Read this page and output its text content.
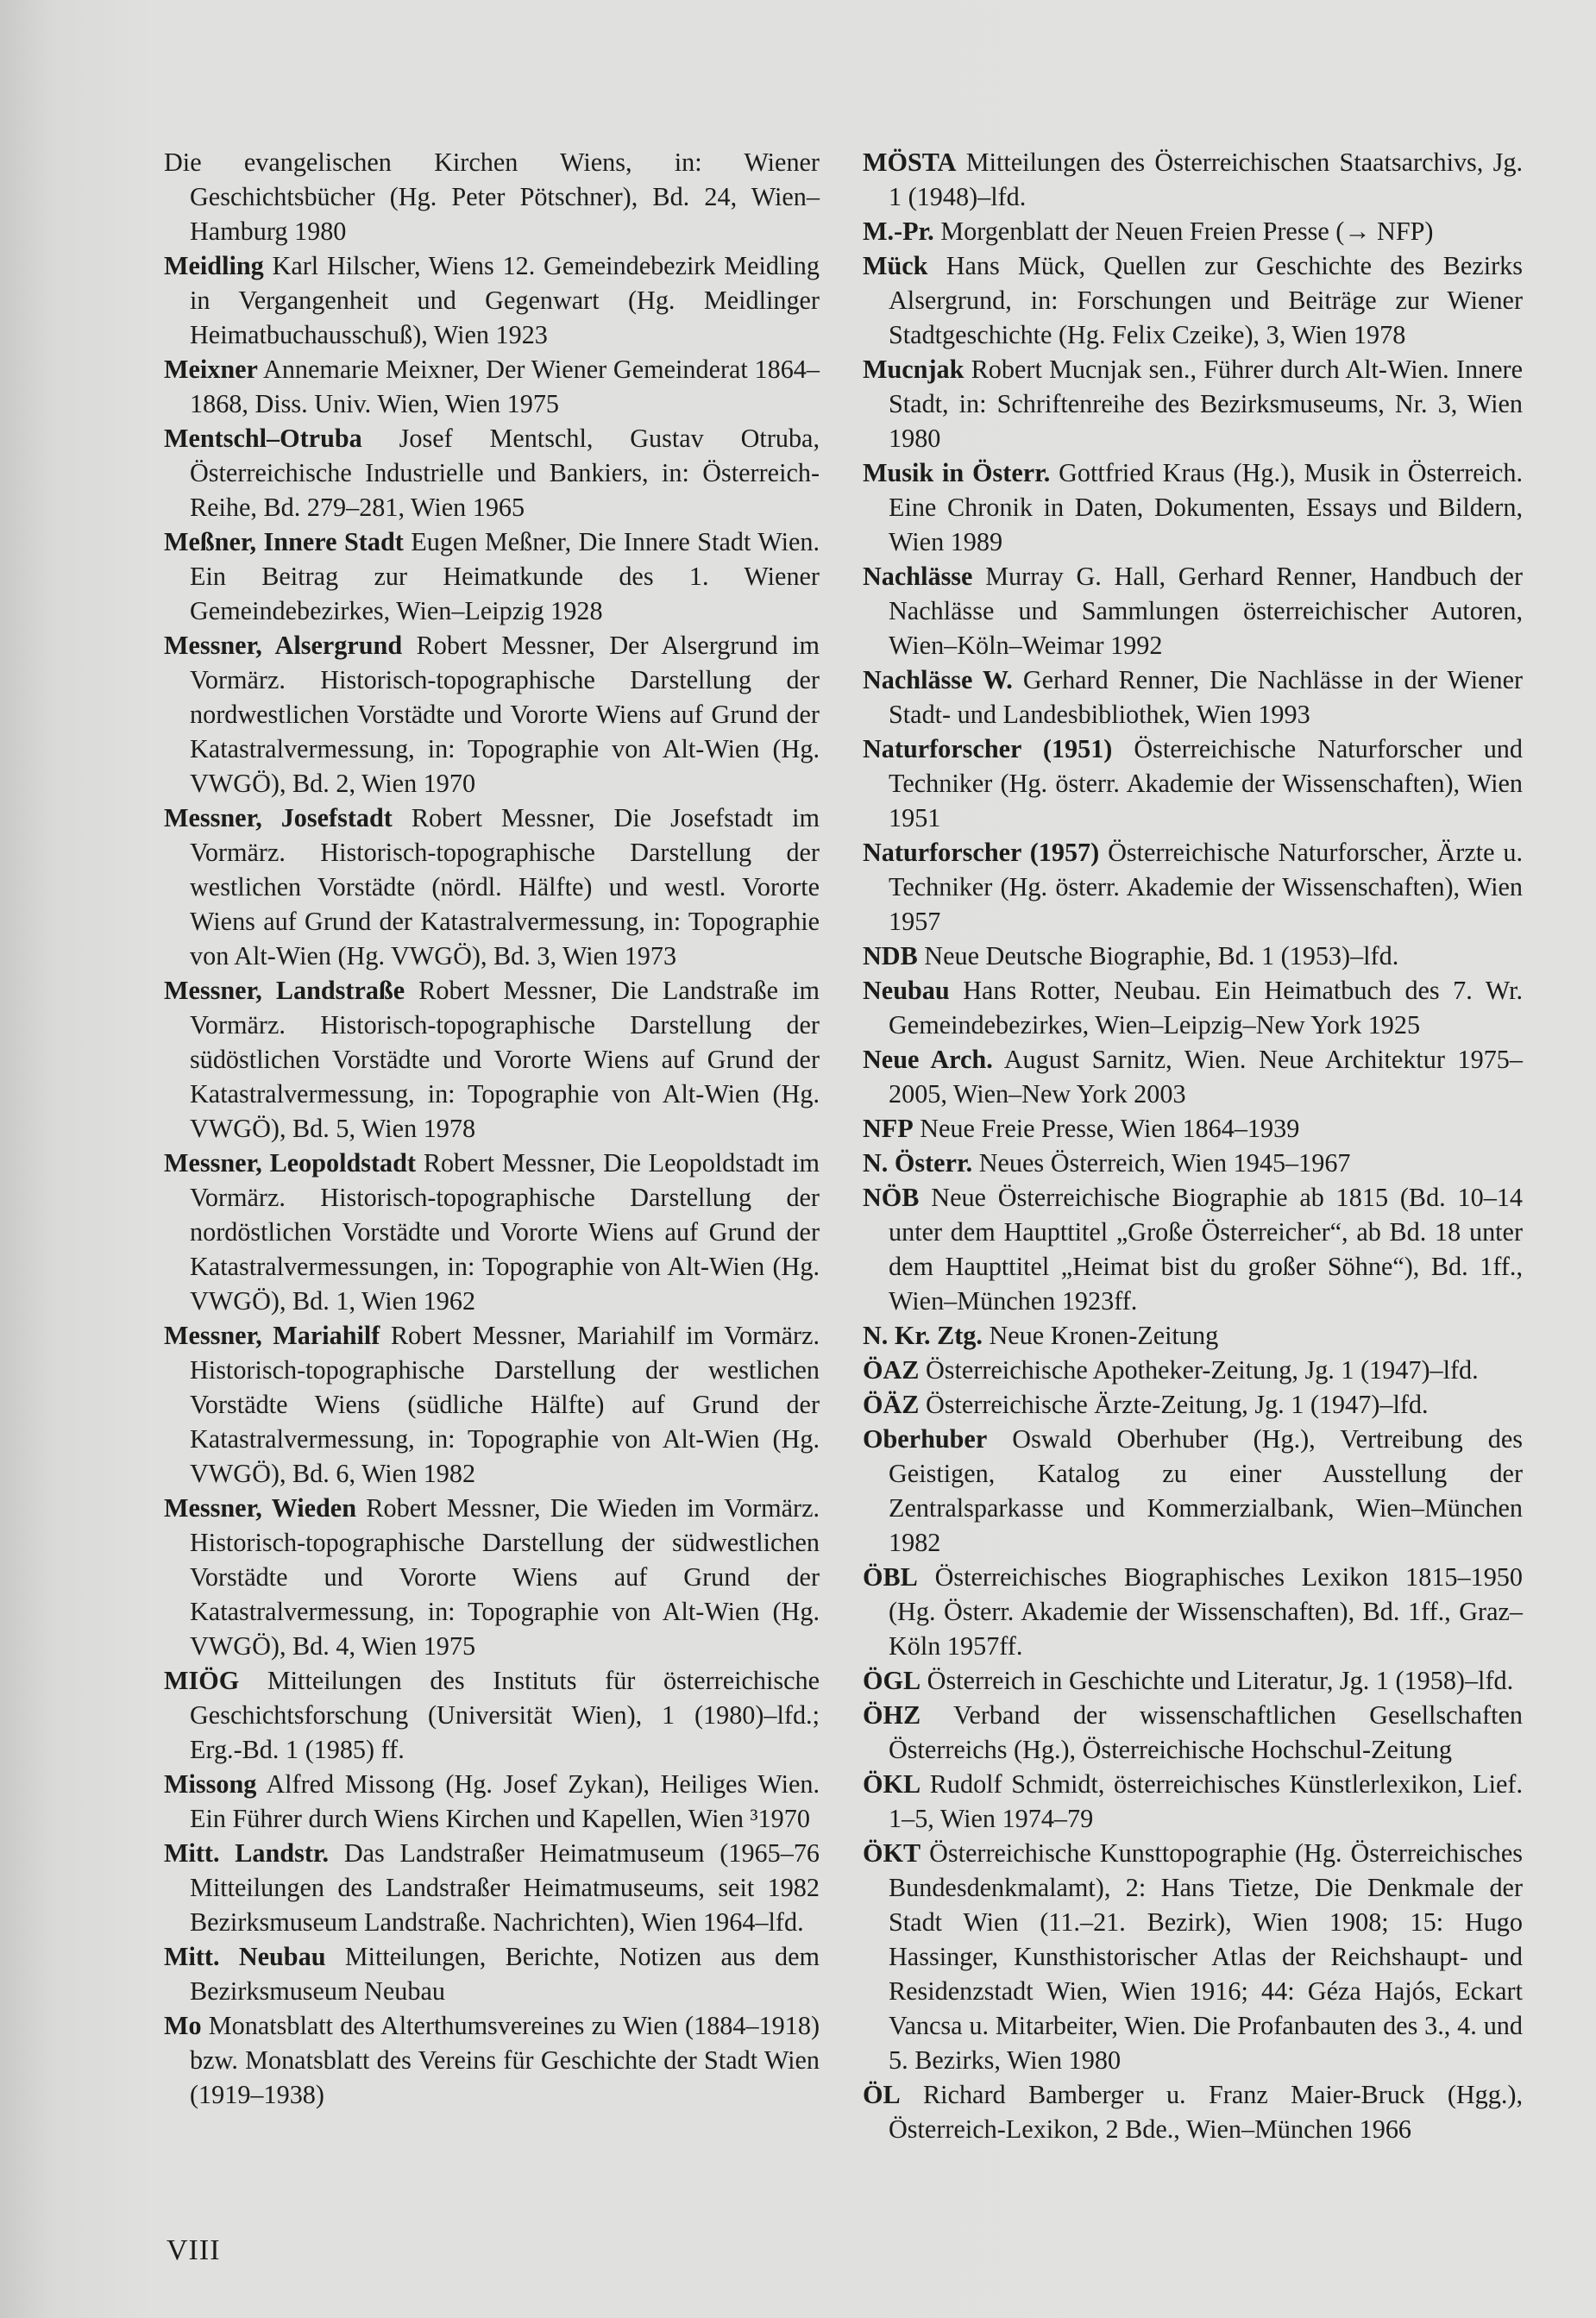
Die evangelischen Kirchen Wiens, in: Wiener Geschichtsbücher (Hg. Peter Pötschner), Bd. 24, Wien–Hamburg 1980
Meidling Karl Hilscher, Wiens 12. Gemeindebezirk Meidling in Vergangenheit und Gegenwart (Hg. Meidlinger Heimatbuchausschuß), Wien 1923
Meixner Annemarie Meixner, Der Wiener Gemeinderat 1864–1868, Diss. Univ. Wien, Wien 1975
Mentschl–Otruba Josef Mentschl, Gustav Otruba, Österreichische Industrielle und Bankiers, in: Österreich-Reihe, Bd. 279–281, Wien 1965
Meßner, Innere Stadt Eugen Meßner, Die Innere Stadt Wien. Ein Beitrag zur Heimatkunde des 1. Wiener Gemeindebezirkes, Wien–Leipzig 1928
Messner, Alsergrund Robert Messner, Der Alsergrund im Vormärz. Historisch-topographische Darstellung der nordwestlichen Vorstädte und Vororte Wiens auf Grund der Katastralvermessung, in: Topographie von Alt-Wien (Hg. VWGÖ), Bd. 2, Wien 1970
Messner, Josefstadt Robert Messner, Die Josefstadt im Vormärz. Historisch-topographische Darstellung der westlichen Vorstädte (nördl. Hälfte) und westl. Vororte Wiens auf Grund der Katastralvermessung, in: Topographie von Alt-Wien (Hg. VWGÖ), Bd. 3, Wien 1973
Messner, Landstraße Robert Messner, Die Landstraße im Vormärz. Historisch-topographische Darstellung der südöstlichen Vorstädte und Vororte Wiens auf Grund der Katastralvermessung, in: Topographie von Alt-Wien (Hg. VWGÖ), Bd. 5, Wien 1978
Messner, Leopoldstadt Robert Messner, Die Leopoldstadt im Vormärz. Historisch-topographische Darstellung der nordöstlichen Vorstädte und Vororte Wiens auf Grund der Katastralvermessungen, in: Topographie von Alt-Wien (Hg. VWGÖ), Bd. 1, Wien 1962
Messner, Mariahilf Robert Messner, Mariahilf im Vormärz. Historisch-topographische Darstellung der westlichen Vorstädte Wiens (südliche Hälfte) auf Grund der Katastralvermessung, in: Topographie von Alt-Wien (Hg. VWGÖ), Bd. 6, Wien 1982
Messner, Wieden Robert Messner, Die Wieden im Vormärz. Historisch-topographische Darstellung der südwestlichen Vorstädte und Vororte Wiens auf Grund der Katastralvermessung, in: Topographie von Alt-Wien (Hg. VWGÖ), Bd. 4, Wien 1975
MIÖG Mitteilungen des Instituts für österreichische Geschichtsforschung (Universität Wien), 1 (1980)–lfd.; Erg.-Bd. 1 (1985) ff.
Missong Alfred Missong (Hg. Josef Zykan), Heiliges Wien. Ein Führer durch Wiens Kirchen und Kapellen, Wien ³1970
Mitt. Landstr. Das Landstraßer Heimatmuseum (1965–76 Mitteilungen des Landstraßer Heimatmuseums, seit 1982 Bezirksmuseum Landstraße. Nachrichten), Wien 1964–lfd.
Mitt. Neubau Mitteilungen, Berichte, Notizen aus dem Bezirksmuseum Neubau
Mo Monatsblatt des Alterthumsvereines zu Wien (1884–1918) bzw. Monatsblatt des Vereins für Geschichte der Stadt Wien (1919–1938)
MÖSTA Mitteilungen des Österreichischen Staatsarchivs, Jg. 1 (1948)–lfd.
M.-Pr. Morgenblatt der Neuen Freien Presse (→ NFP)
Mück Hans Mück, Quellen zur Geschichte des Bezirks Alsergrund, in: Forschungen und Beiträge zur Wiener Stadtgeschichte (Hg. Felix Czeike), 3, Wien 1978
Mucnjak Robert Mucnjak sen., Führer durch Alt-Wien. Innere Stadt, in: Schriftenreihe des Bezirksmuseums, Nr. 3, Wien 1980
Musik in Österr. Gottfried Kraus (Hg.), Musik in Österreich. Eine Chronik in Daten, Dokumenten, Essays und Bildern, Wien 1989
Nachlässe Murray G. Hall, Gerhard Renner, Handbuch der Nachlässe und Sammlungen österreichischer Autoren, Wien–Köln–Weimar 1992
Nachlässe W. Gerhard Renner, Die Nachlässe in der Wiener Stadt- und Landesbibliothek, Wien 1993
Naturforscher (1951) Österreichische Naturforscher und Techniker (Hg. österr. Akademie der Wissenschaften), Wien 1951
Naturforscher (1957) Österreichische Naturforscher, Ärzte u. Techniker (Hg. österr. Akademie der Wissenschaften), Wien 1957
NDB Neue Deutsche Biographie, Bd. 1 (1953)–lfd.
Neubau Hans Rotter, Neubau. Ein Heimatbuch des 7. Wr. Gemeindebezirkes, Wien–Leipzig–New York 1925
Neue Arch. August Sarnitz, Wien. Neue Architektur 1975–2005, Wien–New York 2003
NFP Neue Freie Presse, Wien 1864–1939
N. Österr. Neues Österreich, Wien 1945–1967
NÖB Neue Österreichische Biographie ab 1815 (Bd. 10–14 unter dem Haupttitel „Große Österreicher“, ab Bd. 18 unter dem Haupttitel „Heimat bist du großer Söhne“), Bd. 1ff., Wien–München 1923ff.
N. Kr. Ztg. Neue Kronen-Zeitung
ÖAZ Österreichische Apotheker-Zeitung, Jg. 1 (1947)–lfd.
ÖÄZ Österreichische Ärzte-Zeitung, Jg. 1 (1947)–lfd.
Oberhuber Oswald Oberhuber (Hg.), Vertreibung des Geistigen, Katalog zu einer Ausstellung der Zentralsparkasse und Kommerzialbank, Wien–München 1982
ÖBL Österreichisches Biographisches Lexikon 1815–1950 (Hg. Österr. Akademie der Wissenschaften), Bd. 1ff., Graz–Köln 1957ff.
ÖGL Österreich in Geschichte und Literatur, Jg. 1 (1958)–lfd.
ÖHZ Verband der wissenschaftlichen Gesellschaften Österreichs (Hg.), Österreichische Hochschul-Zeitung
ÖKL Rudolf Schmidt, österreichisches Künstlerlexikon, Lief. 1–5, Wien 1974–79
ÖKT Österreichische Kunsttopographie (Hg. Österreichisches Bundesdenkmalamt), 2: Hans Tietze, Die Denkmale der Stadt Wien (11.–21. Bezirk), Wien 1908; 15: Hugo Hassinger, Kunsthistorischer Atlas der Reichshaupt- und Residenzstadt Wien, Wien 1916; 44: Géza Hajós, Eckart Vancsa u. Mitarbeiter, Wien. Die Profanbauten des 3., 4. und 5. Bezirks, Wien 1980
ÖL Richard Bamberger u. Franz Maier-Bruck (Hgg.), Österreich-Lexikon, 2 Bde., Wien–München 1966
VIII
